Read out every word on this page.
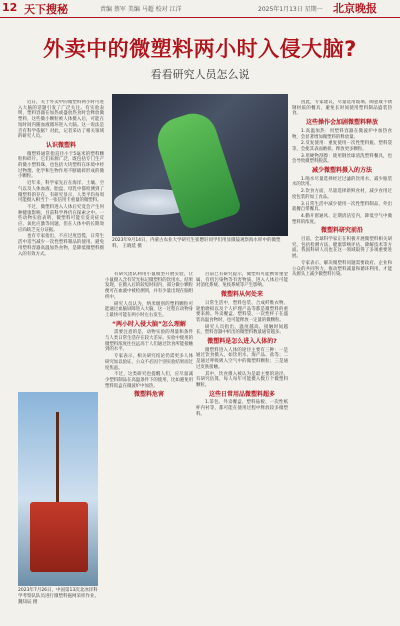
12 天下搜秘	责编 蔡军 美编 马超 校对 江洋	2025年1月13日 星期一 北京晚报
外卖中的微塑料两小时入侵大脑?
看看研究人员怎么说

近日，关于外卖中的微塑料两小时可进入大脑的话题引发了广泛关注。有实验表明，塑料容器在加热或盛放热食时会释放微塑料，这些微小颗粒被人体摄入后，可能在短时间内随血液循环进入大脑。这一说法是否有科学依据？对此，记者采访了相关领域的研究人员。

认识微塑料

微塑料通常指直径小于5毫米的塑料颗粒和碎片。它们来源广泛，既包括专门生产的微小塑料珠，也包括大块塑料在环境中经过物理、化学和生物作用不断破碎形成的微小颗粒。

近年来，科学家先后在海洋、土壤、空气以及人体血液、胎盘、母乳中都检测到了微塑料的存在。有研究显示，人类平均每周可能摄入相当于一张信用卡重量的微塑料。

不过，微塑料进入人体后究竟会产生何种健康影响，目前科学界仍在探索之中。一些动物实验表明，微塑料可能引发炎症反应、氧化应激等问题，但在人体中的长期效应尚缺乏充分证据。

也有专家指出，不应过度恐慌，日常生活中适当减少一次性塑料制品的使用、避免用塑料容器高温加热食物，是降低微塑料摄入的有效方式。

2023年9月14日，内蒙古农业大学研究生崔懋轩同学们用显微镜观察海水样中的微塑料。 王晓延 摄
2023年7月26日，中国第13次北冰洋科学考察队队员进行微塑料拖网采样作业。 魏知辰 摄

有研究团队利用小鼠模型开展实验，让小鼠摄入含有荧光标记微塑料的饮用水。结果发现，在摄入后的较短时间内，部分微小颗粒便可在血液中被检测到，并有少量出现在脑组织中。

研究人员认为，纳米级别的塑料颗粒可能通过血脑屏障进入大脑，这一过程在动物身上最快可能在两小时左右发生。

“两小时入侵大脑”怎么理解

需要注意的是，动物实验的剂量和条件与人类日常生活存在较大差异。实验中使用的微塑料浓度往往远高于人们通过饮食所能接触到的水平。

专家表示，相关研究结论仍需更多人体研究加以验证，公众不必因个别实验结果而过度焦虑。

不过，这类研究也提醒人们，应尽量减少塑料制品在高温条件下的使用，比如避免用塑料饭盒在微波炉中加热。

微塑料危害

目前已有研究提示，微塑料可能携带重金属、有机污染物等有害物质，进入人体后可能对消化系统、免疫系统等产生影响。

微塑料从何处来

日常生活中，塑料包装、合成纤维衣物、轮胎磨损以及个人护理产品等都是微塑料的重要来源。外卖餐盒、塑料袋、一次性杯子在盛装高温食物时，也可能释放一定量的微颗粒。

研究人员指出，温度越高、接触时间越长，塑料容器中析出的微塑料数量通常越多。

微塑料是怎么进入人体的?

微塑料进入人体的途径主要有三种：一是通过饮食摄入，如饮用水、海产品、盐等；二是通过呼吸吸入空气中的微塑料颗粒；三是通过皮肤接触。

其中，饮食摄入被认为是最主要的途径。有研究估算，每人每年可能摄入数万个微塑料颗粒。

这些日常用品微塑料超多

1.茶包、外卖餐盒、塑料砧板、一次性纸杯内衬等，都可能在使用过程中释放较多微塑料。

因此，专家建议，尽量选用玻璃、陶瓷或不锈钢材质的餐具，避免长时间使用塑料制品盛装热食。

这些操作会加剧微塑料释放

1.高温加热：用塑料容器在微波炉中加热食物，会显著增加微塑料的释放量。

2.反复使用：重复使用一次性塑料瓶、塑料袋等，会使其表面磨损，释放更多颗粒。

3.用硬物刮擦：使用钢丝球清洗塑料餐具，也会导致微塑料脱落。

减少微塑料摄入的方法

1.喝水尽量选择经过过滤的饮用水，减少瓶装水的饮用。

2.饮食方面，尽量选择新鲜食材，减少食用过度包装的加工食品。

3.日常生活中减少使用一次性塑料制品，外出就餐自带餐具。

4.勤开窗通风、定期清洁室内，降低空气中微塑料的浓度。

微塑料研究前沿

目前，全球科学家正在积极开展微塑料相关研究，包括检测方法、健康影响评估、降解技术等方面。我国科研人员也在这一领域取得了多项重要进展。

专家表示，解决微塑料问题需要政府、企业和公众的共同努力，推动塑料减量和循环利用，才能从源头上减少微塑料污染。
